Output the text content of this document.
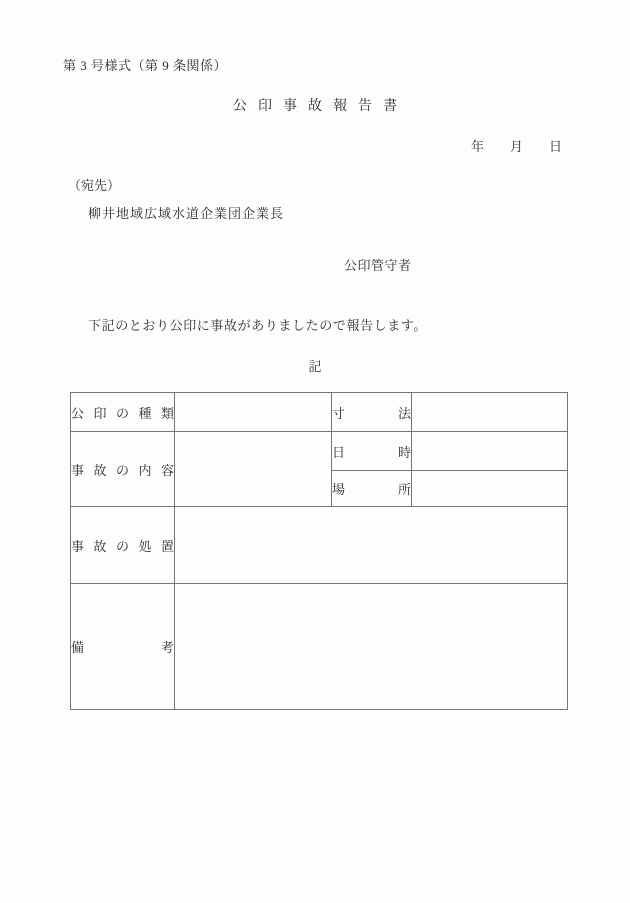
第 3 号様式（第 9 条関係）
公印事故報告書
年　　月　　日
（宛先）
柳井地域広域水道企業団企業長
公印管守者
下記のとおり公印に事故がありましたので報告します。
記
公印の種類		寸法	
事故の内容		日時	
		場所	
事故の処置			
備考			
